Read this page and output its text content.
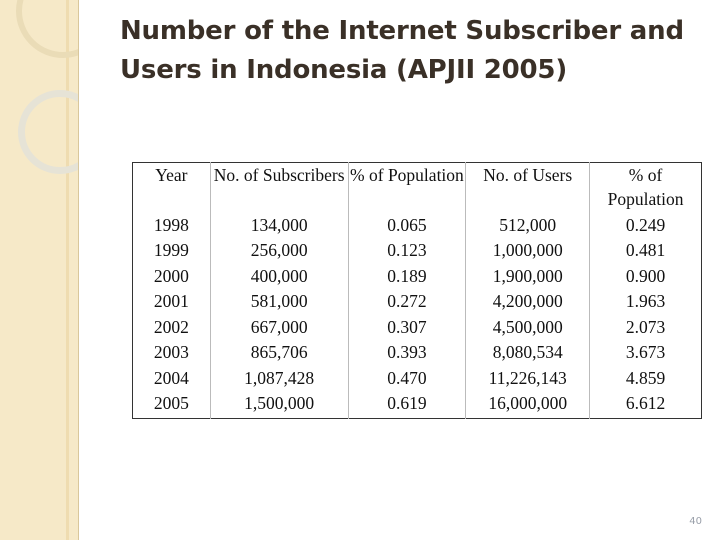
Number of the Internet Subscriber and Users in Indonesia (APJII 2005)
Year	No. of Subscribers	% of Population	No. of Users	% of Population
1998	134,000	0.065	512,000	0.249
1999	256,000	0.123	1,000,000	0.481
2000	400,000	0.189	1,900,000	0.900
2001	581,000	0.272	4,200,000	1.963
2002	667,000	0.307	4,500,000	2.073
2003	865,706	0.393	8,080,534	3.673
2004	1,087,428	0.470	11,226,143	4.859
2005	1,500,000	0.619	16,000,000	6.612
40
